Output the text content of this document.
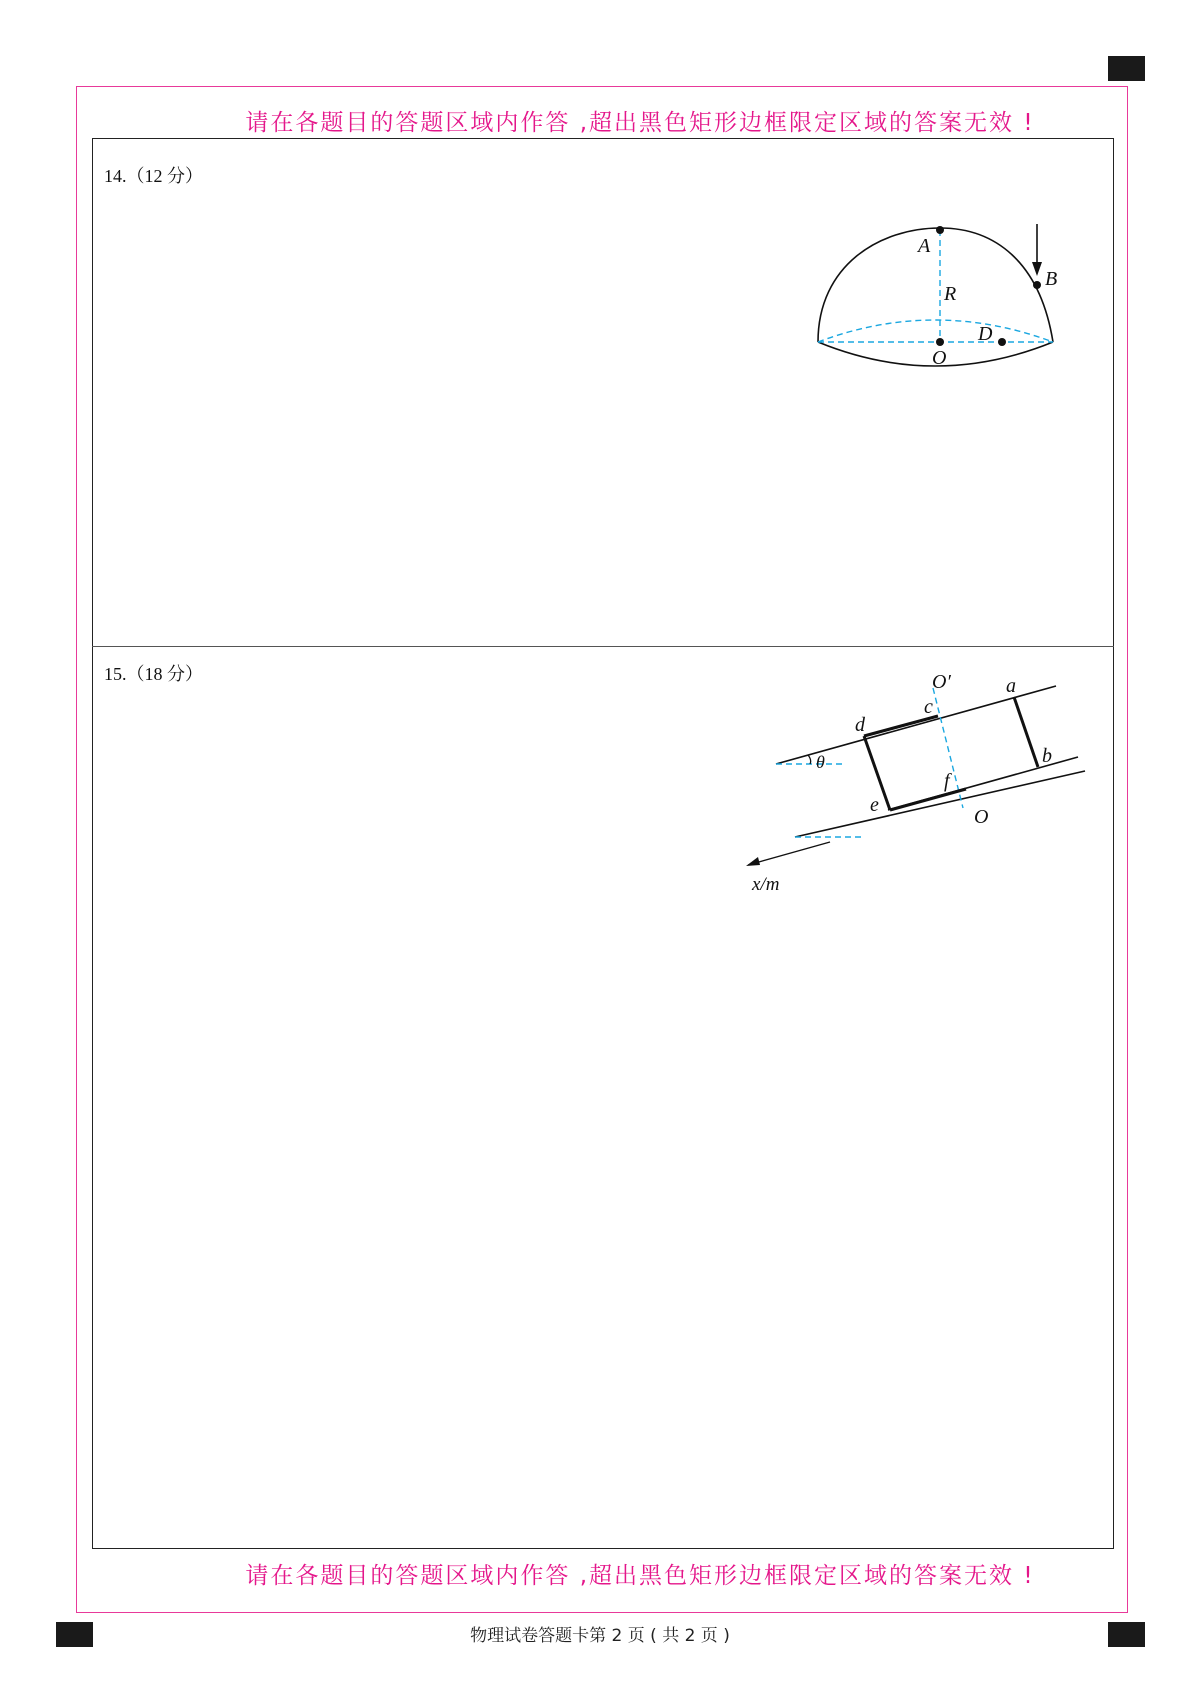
请在各题目的答题区域内作答 ,超出黑色矩形边框限定区域的答案无效 !
14.（12 分）
A
R
B
D
O
15.（18 分）	O′	a
c
d
b
θ
f
e
O
x/m
请在各题目的答题区域内作答 ,超出黑色矩形边框限定区域的答案无效 !
物理试卷答题卡第 2 页 ( 共 2 页 )
